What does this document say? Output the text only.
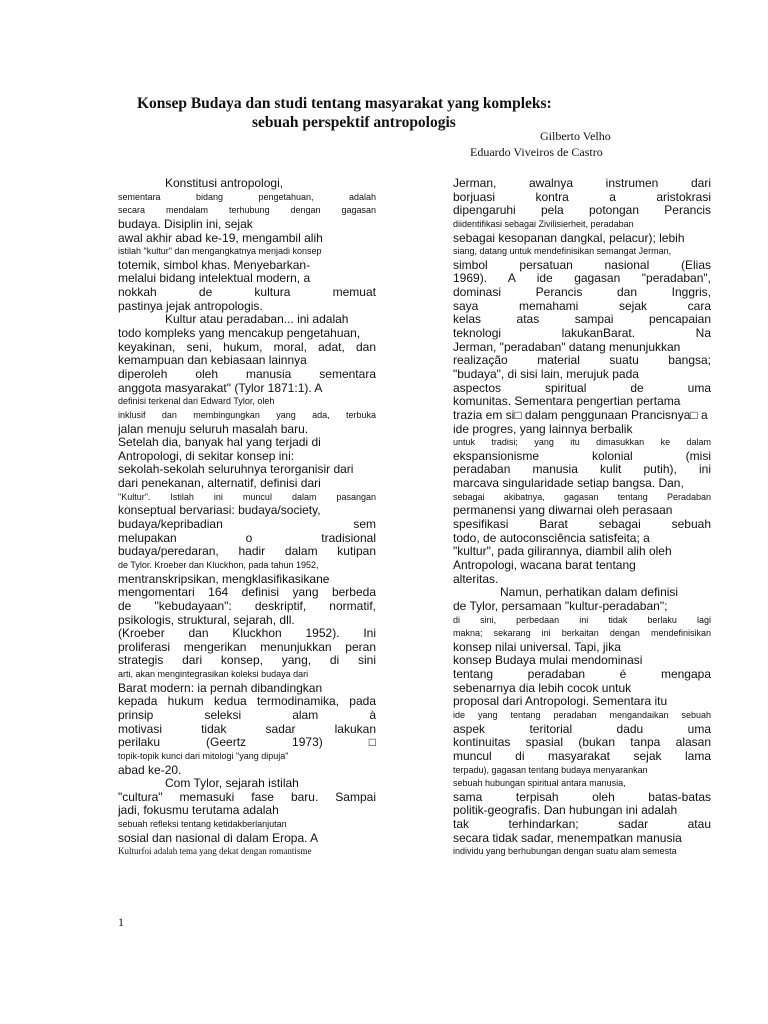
Konsep Budaya dan studi tentang masyarakat yang kompleks:
sebuah perspektif antropologis

Gilberto Velho

Eduardo Viveiros de Castro

Konstitusi antropologi,
sementara bidang pengetahuan, adalah
secara mendalam terhubung dengan gagasan
budaya. Disiplin ini, sejak
awal akhir abad ke-19, mengambil alih
istilah "kultur" dan mengangkatnya menjadi konsep
totemik, simbol khas. Menyebarkan-
melalui bidang intelektual modern, a
nokkah de kultura memuat
pastinya jejak antropologis.
Kultur atau peradaban... ini adalah
todo kompleks yang mencakup pengetahuan,
keyakinan, seni, hukum, moral, adat, dan
kemampuan dan kebiasaan lainnya
diperoleh oleh manusia sementara
anggota masyarakat" (Tylor 1871:1). A
definisi terkenal dari Edward Tylor, oleh
inklusif dan membingungkan yang ada, terbuka
jalan menuju seluruh masalah baru.
Setelah dia, banyak hal yang terjadi di
Antropologi, di sekitar konsep ini:
sekolah-sekolah seluruhnya terorganisir dari
dari penekanan, alternatif, definisi dari
"Kultur". Istilah ini muncul dalam pasangan
konseptual bervariasi: budaya/society,
budaya/kepribadian sem
melupakan o tradisional
budaya/peredaran, hadir dalam kutipan
de Tylor. Kroeber dan Kluckhon, pada tahun 1952,
mentranskripsikan, mengklasifikasikane
mengomentari 164 definisi yang berbeda
de "kebudayaan": deskriptif, normatif,
psikologis, struktural, sejarah, dll.
(Kroeber dan Kluckhon 1952). Ini
proliferasi mengerikan menunjukkan peran
strategis dari konsep, yang, di sini
arti, akan mengintegrasikan koleksi budaya dari
Barat modern: ia pernah dibandingkan
kepada hukum kedua termodinamika, pada
prinsip seleksi alam à
motivasi tidak sadar lakukan
perilaku (Geertz 1973) □
topik-topik kunci dari mitologi "yang dipuja"
abad ke-20.
Com Tylor, sejarah istilah
"cultura" memasuki fase baru. Sampai
jadi, fokusmu terutama adalah
sebuah refleksi tentang ketidakberlanjutan
sosial dan nasional di dalam Eropa. A
Kulturfoi adalah tema yang dekat dengan romantisme
Jerman, awalnya instrumen dari
borjuasi kontra a aristokrasi
dipengaruhi pela potongan Perancis
diidentifikasi sebagai Zivilisierheit, peradaban
sebagai kesopanan dangkal, pelacur); lebih
siang, datang untuk mendefinisikan semangat Jerman,
simbol persatuan nasional (Elias
1969). A ide gagasan "peradaban",
dominasi Perancis dan Inggris,
saya memahami sejak cara
kelas atas sampai pencapaian
teknologi lakukanBarat. Na
Jerman, "peradaban" datang menunjukkan
realização material suatu bangsa;
"budaya", di sisi lain, merujuk pada
aspectos spiritual de uma
komunitas. Sementara pengertian pertama
trazia em si□ dalam penggunaan Prancisnya□ a
ide progres, yang lainnya berbalik
untuk tradisi; yang itu dimasukkan ke dalam
ekspansionisme kolonial (misi
peradaban manusia kulit putih), ini
marcava singularidade setiap bangsa. Dan,
sebagai akibatnya, gagasan tentang Peradaban
permanensi yang diwarnai oleh perasaan
spesifikasi Barat sebagai sebuah
todo, de autoconsciência satisfeita; a
"kultur", pada gilirannya, diambil alih oleh
Antropologi, wacana barat tentang
alteritas.
Namun, perhatikan dalam definisi
de Tylor, persamaan "kultur-peradaban";
di sini, perbedaan ini tidak berlaku lagi
makna; sekarang ini berkaitan dengan mendefinisikan
konsep nilai universal. Tapi, jika
konsep Budaya mulai mendominasi
tentang peradaban é mengapa
sebenarnya dia lebih cocok untuk
proposal dari Antropologi. Sementara itu
ide yang tentang peradaban mengandaikan sebuah
aspek teritorial dadu uma
kontinuitas spasial (bukan tanpa alasan
muncul di masyarakat sejak lama
terpadu), gagasan tentang budaya menyarankan
sebuah hubungan spiritual antara manusia,
sama terpisah oleh batas-batas
politik-geografis. Dan hubungan ini adalah
tak terhindarkan; sadar atau
secara tidak sadar, menempatkan manusia
individu yang berhubungan dengan suatu alam semesta
1
